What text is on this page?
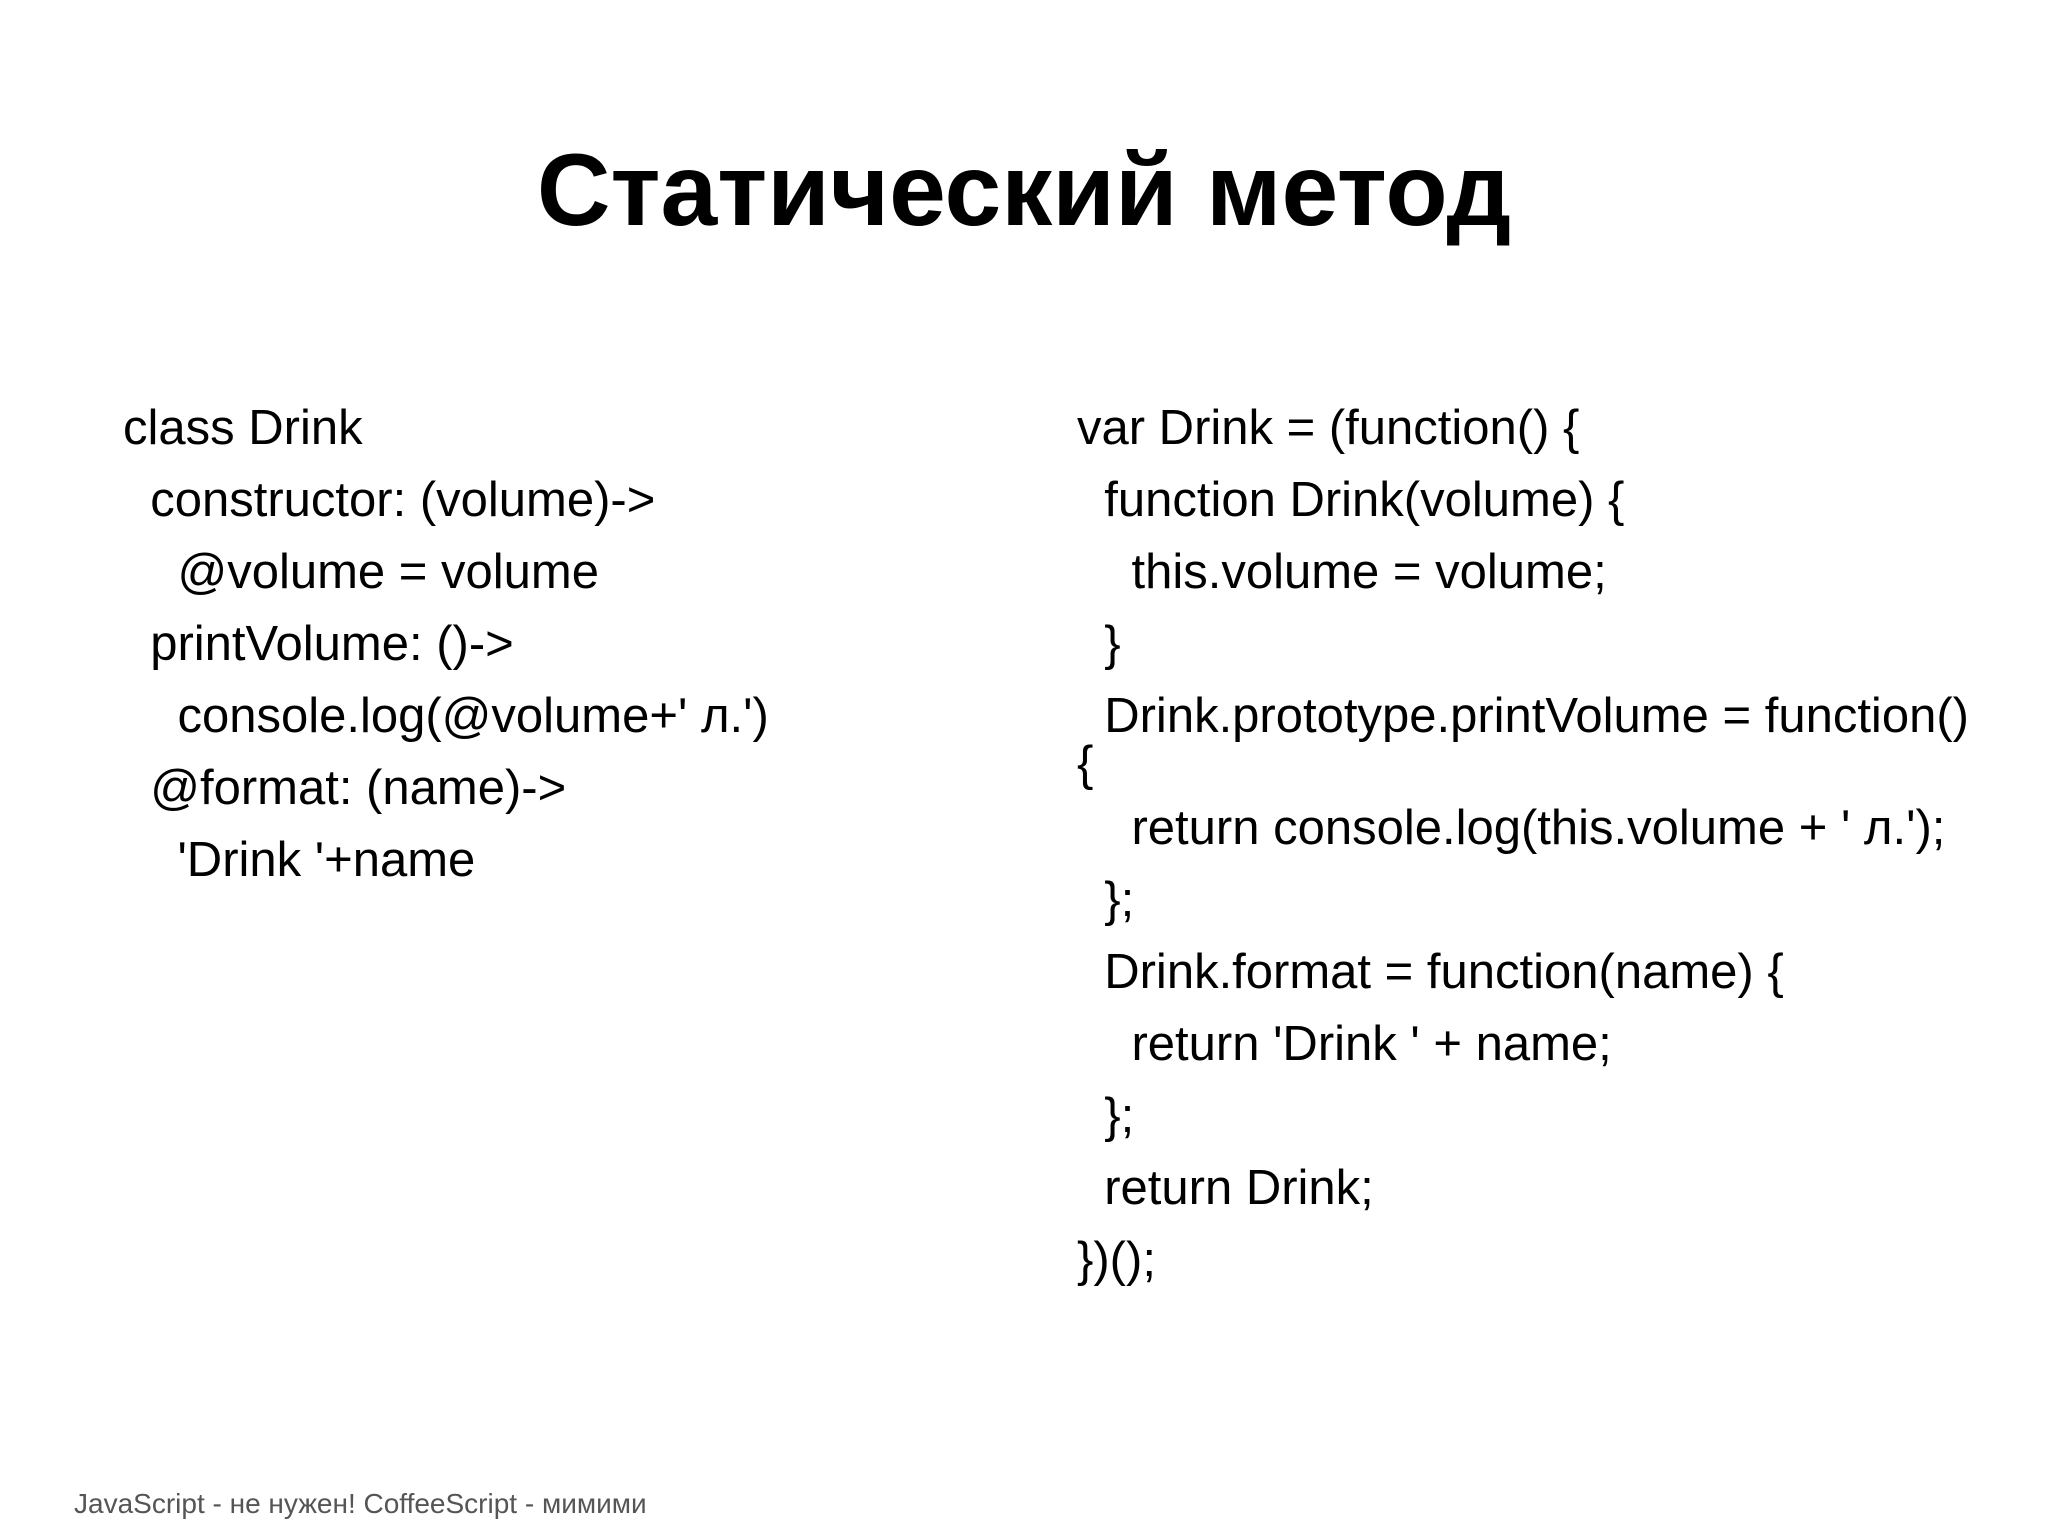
Статический метод
class Drink
constructor: (volume)->
@volume = volume
printVolume: ()->
console.log(@volume+' л.')
@format: (name)->
'Drink '+name
var Drink = (function() {
function Drink(volume) {
this.volume = volume;
}
Drink.prototype.printVolume = function()
{
return console.log(this.volume + ' л.');
};
Drink.format = function(name) {
return 'Drink ' + name;
};
return Drink;
})();
JavaScript - не нужен! CoffeeScript - мимими
